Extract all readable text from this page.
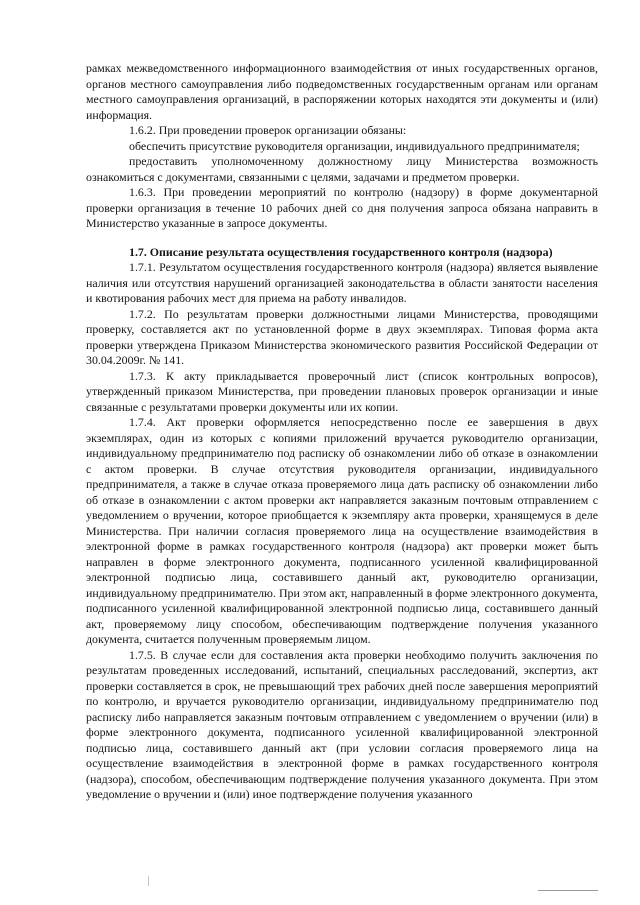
рамках межведомственного информационного взаимодействия от иных государственных органов, органов местного самоуправления либо подведомственных государственным органам или органам местного самоуправления организаций, в распоряжении которых находятся эти документы и (или) информация.

1.6.2. При проведении проверок организации обязаны:

обеспечить присутствие руководителя организации, индивидуального предпринимателя;

предоставить уполномоченному должностному лицу Министерства возможность ознакомиться с документами, связанными с целями, задачами и предметом проверки.

1.6.3. При проведении мероприятий по контролю (надзору) в форме документарной проверки организация в течение 10 рабочих дней со дня получения запроса обязана направить в Министерство указанные в запросе документы.

1.7. Описание результата осуществления государственного контроля (надзора)

1.7.1. Результатом осуществления государственного контроля (надзора) является выявление наличия или отсутствия нарушений организацией законодательства в области занятости населения и квотирования рабочих мест для приема на работу инвалидов.

1.7.2. По результатам проверки должностными лицами Министерства, проводящими проверку, составляется акт по установленной форме в двух экземплярах. Типовая форма акта проверки утверждена Приказом Министерства экономического развития Российской Федерации от 30.04.2009г. № 141.

1.7.3. К акту прикладывается проверочный лист (список контрольных вопросов), утвержденный приказом Министерства, при проведении плановых проверок организации и иные связанные с результатами проверки документы или их копии.

1.7.4. Акт проверки оформляется непосредственно после ее завершения в двух экземплярах, один из которых с копиями приложений вручается руководителю организации, индивидуальному предпринимателю под расписку об ознакомлении либо об отказе в ознакомлении с актом проверки. В случае отсутствия руководителя организации, индивидуального предпринимателя, а также в случае отказа проверяемого лица дать расписку об ознакомлении либо об отказе в ознакомлении с актом проверки акт направляется заказным почтовым отправлением с уведомлением о вручении, которое приобщается к экземпляру акта проверки, хранящемуся в деле Министерства. При наличии согласия проверяемого лица на осуществление взаимодействия в электронной форме в рамках государственного контроля (надзора) акт проверки может быть направлен в форме электронного документа, подписанного усиленной квалифицированной электронной подписью лица, составившего данный акт, руководителю организации, индивидуальному предпринимателю. При этом акт, направленный в форме электронного документа, подписанного усиленной квалифицированной электронной подписью лица, составившего данный акт, проверяемому лицу способом, обеспечивающим подтверждение получения указанного документа, считается полученным проверяемым лицом.

1.7.5. В случае если для составления акта проверки необходимо получить заключения по результатам проведенных исследований, испытаний, специальных расследований, экспертиз, акт проверки составляется в срок, не превышающий трех рабочих дней после завершения мероприятий по контролю, и вручается руководителю организации, индивидуальному предпринимателю под расписку либо направляется заказным почтовым отправлением с уведомлением о вручении (или) в форме электронного документа, подписанного усиленной квалифицированной электронной подписью лица, составившего данный акт (при условии согласия проверяемого лица на осуществление взаимодействия в электронной форме в рамках государственного контроля (надзора), способом, обеспечивающим подтверждение получения указанного документа. При этом уведомление о вручении и (или) иное подтверждение получения указанного
